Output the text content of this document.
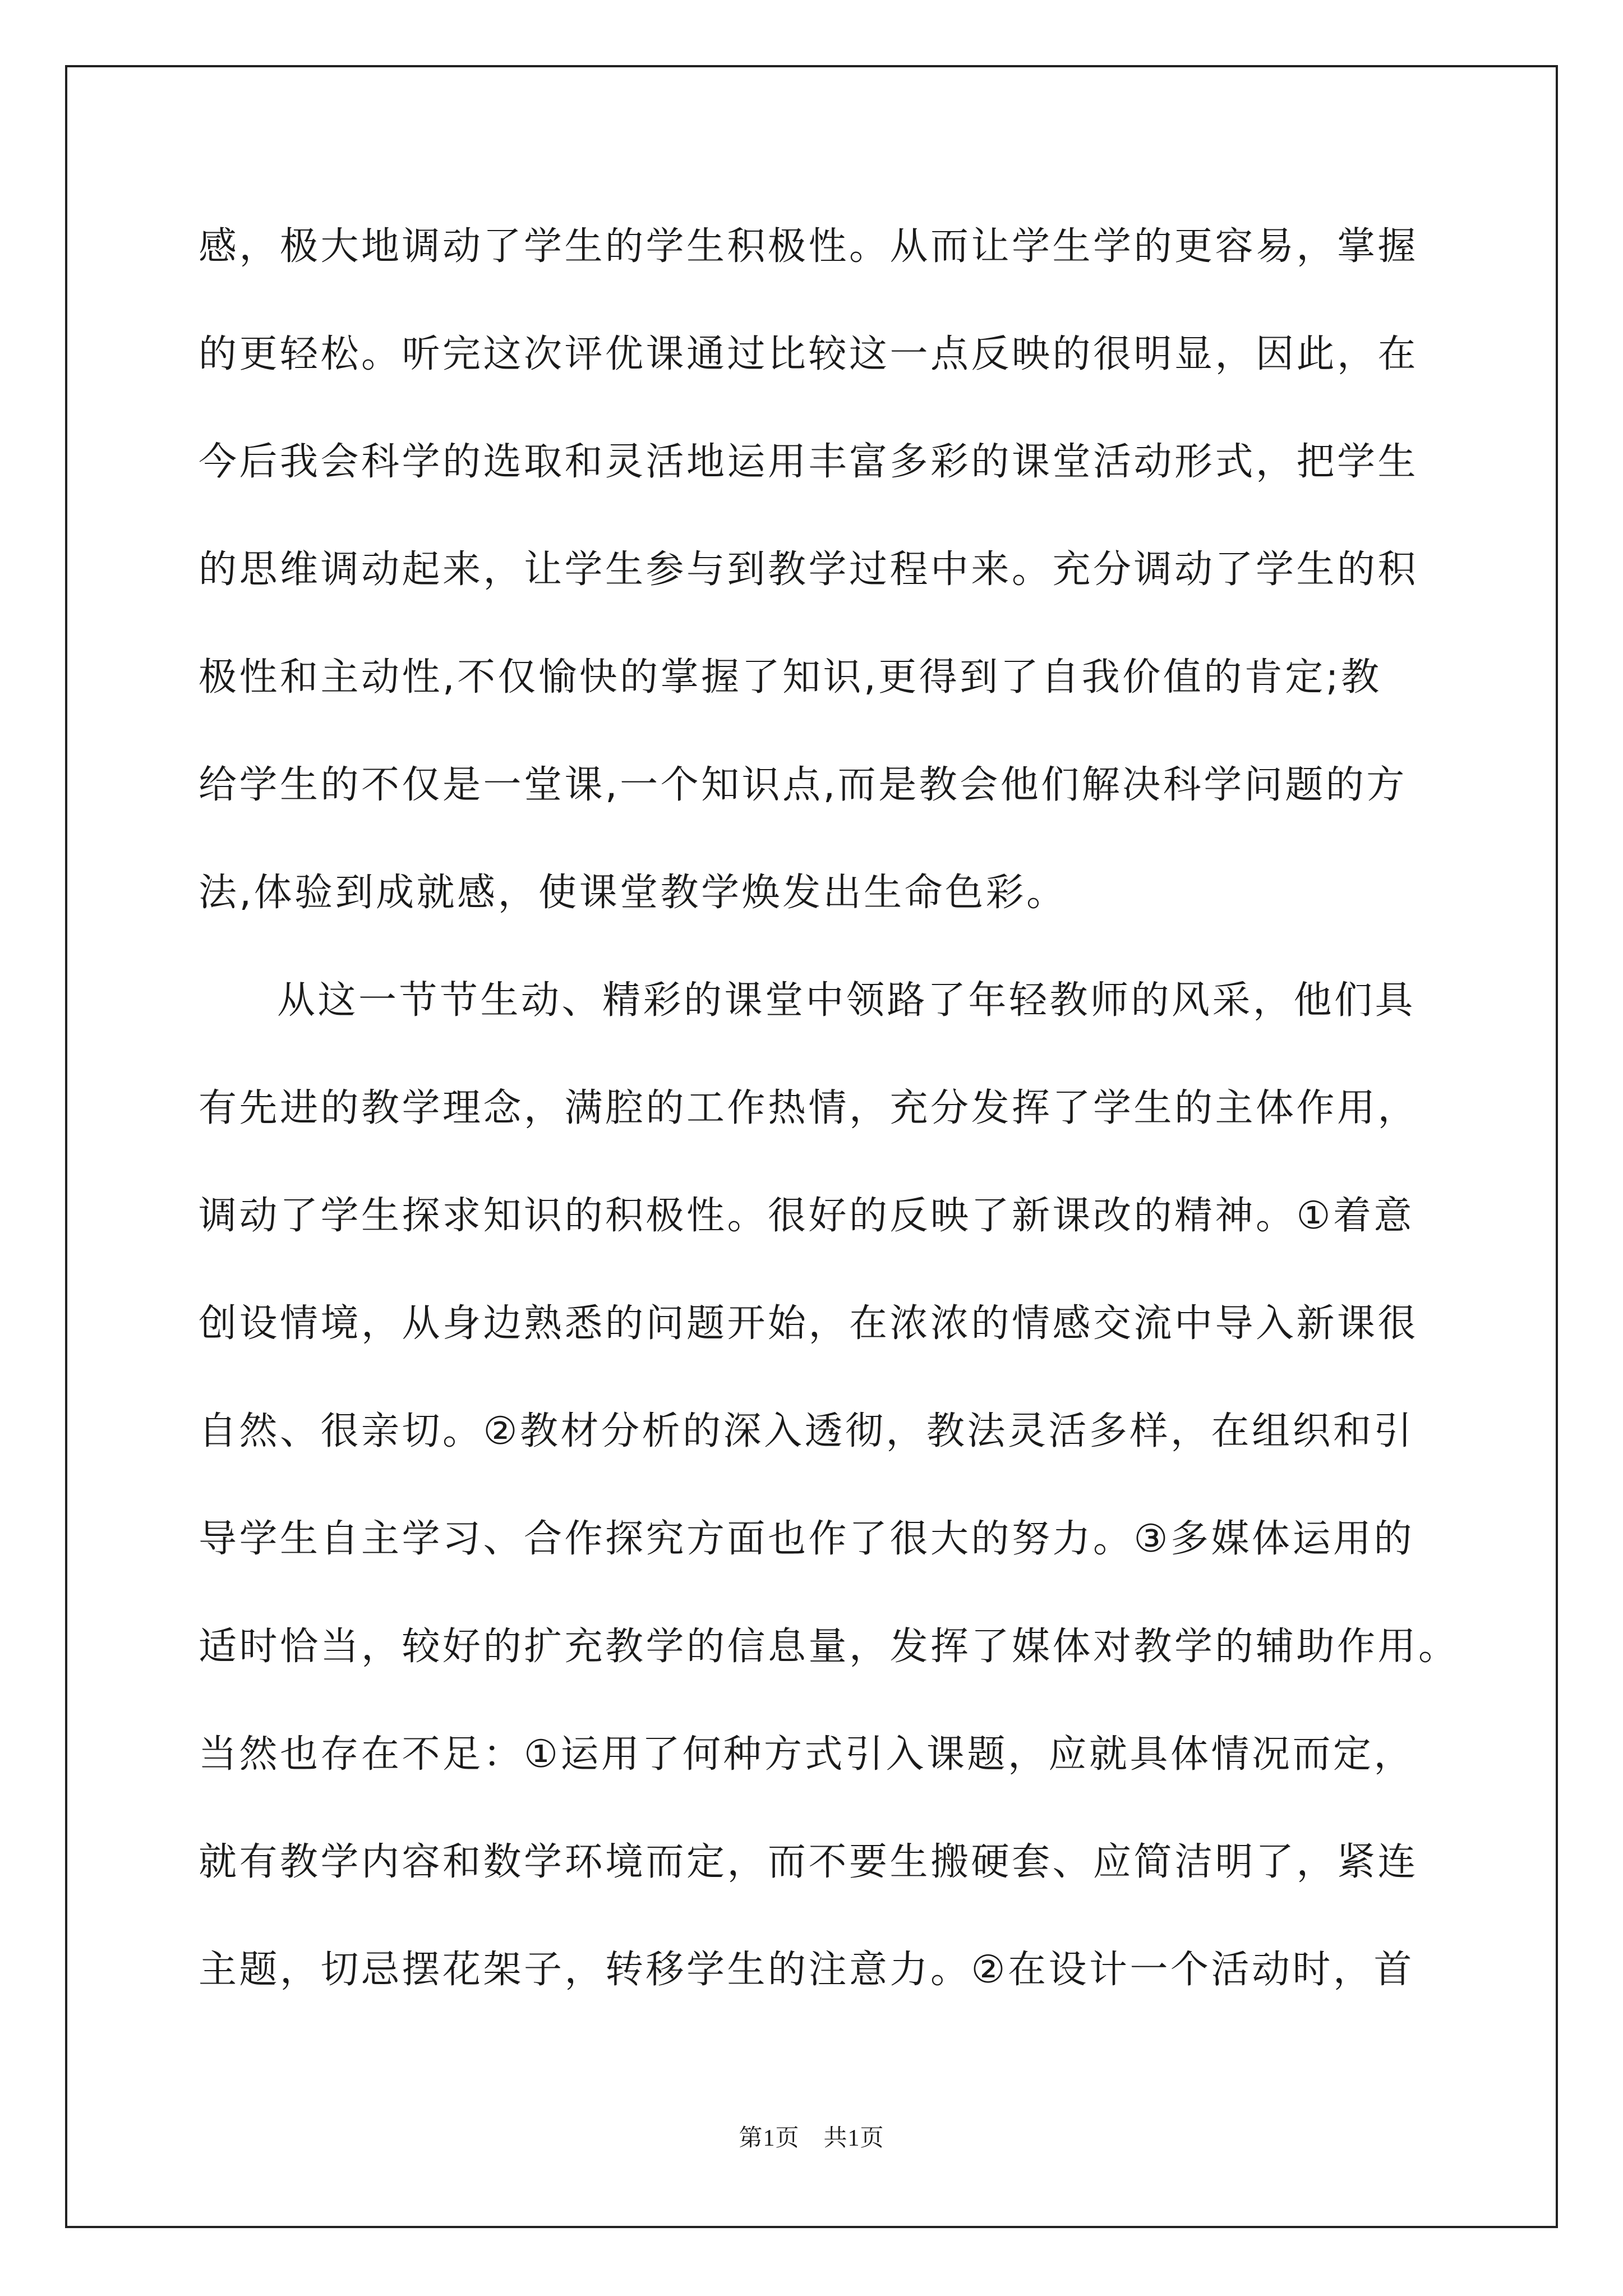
感，极大地调动了学生的学生积极性。从而让学生学的更容易，掌握
的更轻松。听完这次评优课通过比较这一点反映的很明显，因此，在
今后我会科学的选取和灵活地运用丰富多彩的课堂活动形式，把学生
的思维调动起来，让学生参与到教学过程中来。充分调动了学生的积
极性和主动性,不仅愉快的掌握了知识,更得到了自我价值的肯定;教
给学生的不仅是一堂课,一个知识点,而是教会他们解决科学问题的方
法,体验到成就感，使课堂教学焕发出生命色彩。
从这一节节生动、精彩的课堂中领路了年轻教师的风采，他们具
有先进的教学理念，满腔的工作热情，充分发挥了学生的主体作用，
调动了学生探求知识的积极性。很好的反映了新课改的精神。①着意
创设情境，从身边熟悉的问题开始，在浓浓的情感交流中导入新课很
自然、很亲切。②教材分析的深入透彻，教法灵活多样，在组织和引
导学生自主学习、合作探究方面也作了很大的努力。③多媒体运用的
适时恰当，较好的扩充教学的信息量，发挥了媒体对教学的辅助作用。
当然也存在不足：①运用了何种方式引入课题，应就具体情况而定，
就有教学内容和数学环境而定，而不要生搬硬套、应简洁明了，紧连
主题，切忌摆花架子，转移学生的注意力。②在设计一个活动时，首
第1页　共1页
